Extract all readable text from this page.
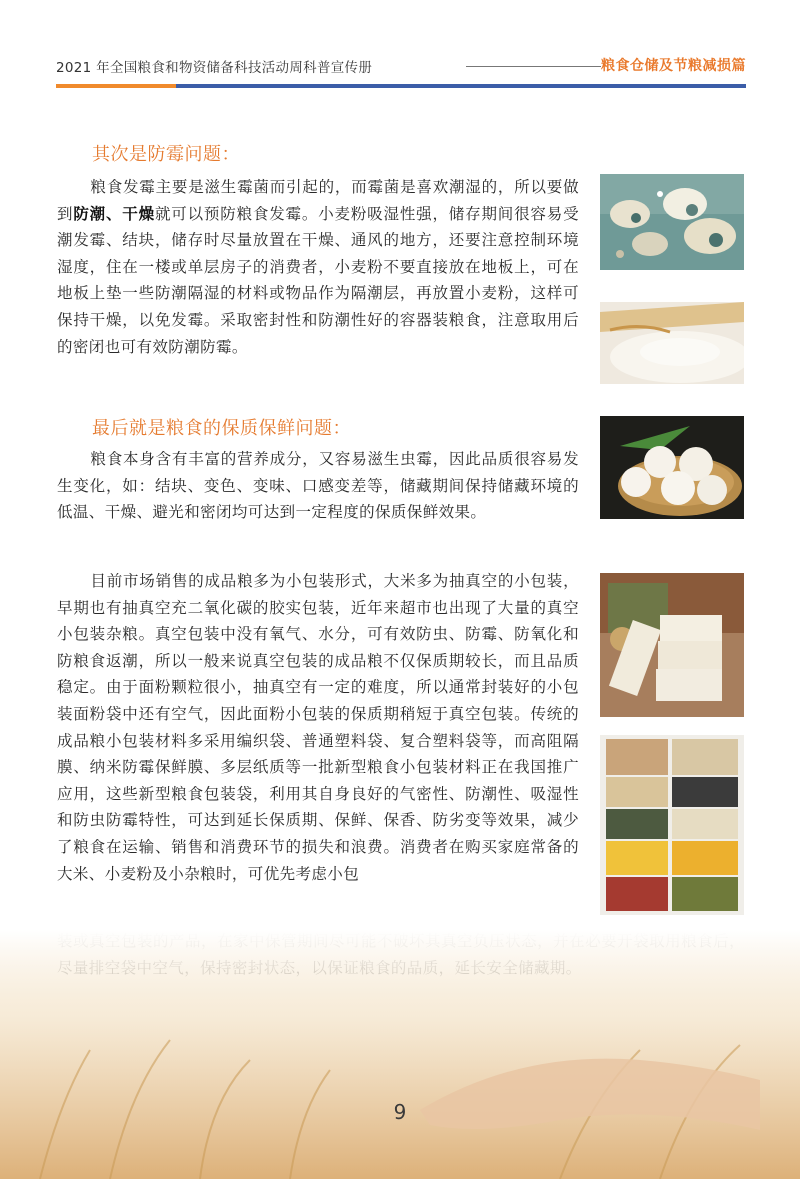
2021 年全国粮食和物资储备科技活动周科普宣传册	粮食仓储及节粮减损篇
其次是防霉问题：
粮食发霉主要是滋生霉菌而引起的，而霉菌是喜欢潮湿的，所以要做到防潮、干燥就可以预防粮食发霉。小麦粉吸湿性强，储存期间很容易受潮发霉、结块，储存时尽量放置在干燥、通风的地方，还要注意控制环境湿度，住在一楼或单层房子的消费者，小麦粉不要直接放在地板上，可在地板上垫一些防潮隔湿的材料或物品作为隔潮层，再放置小麦粉，这样可保持干燥，以免发霉。采取密封性和防潮性好的容器装粮食，注意取用后的密闭也可有效防潮防霉。
最后就是粮食的保质保鲜问题：
粮食本身含有丰富的营养成分，又容易滋生虫霉，因此品质很容易发生变化，如：结块、变色、变味、口感变差等，储藏期间保持储藏环境的低温、干燥、避光和密闭均可达到一定程度的保质保鲜效果。
目前市场销售的成品粮多为小包装形式，大米多为抽真空的小包装，早期也有抽真空充二氧化碳的胶实包装，近年来超市也出现了大量的真空小包装杂粮。真空包装中没有氧气、水分，可有效防虫、防霉、防氧化和防粮食返潮，所以一般来说真空包装的成品粮不仅保质期较长，而且品质稳定。由于面粉颗粒很小，抽真空有一定的难度，所以通常封装好的小包装面粉袋中还有空气，因此面粉小包装的保质期稍短于真空包装。传统的成品粮小包装材料多采用编织袋、普通塑料袋、复合塑料袋等，而高阻隔膜、纳米防霉保鲜膜、多层纸质等一批新型粮食小包装材料正在我国推广应用，这些新型粮食包装袋，利用其自身良好的气密性、防潮性、吸湿性和防虫防霉特性，可达到延长保质期、保鲜、保香、防劣变等效果，减少了粮食在运输、销售和消费环节的损失和浪费。消费者在购买家庭常备的大米、小麦粉及小杂粮时，可优先考虑小包
9
